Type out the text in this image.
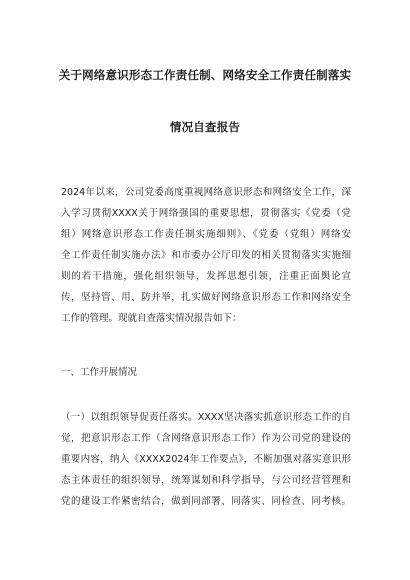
关于网络意识形态工作责任制、网络安全工作责任制落实
情况自查报告
2024年以来，公司党委高度重视网络意识形态和网络安全工作，深
入学习贯彻XXXX关于网络强国的重要思想，贯彻落实《党委（党
组）网络意识形态工作责任制实施细则》、《党委（党组）网络安
全工作责任制实施办法》和市委办公厅印发的相关贯彻落实实施细
则的若干措施，强化组织领导，发挥思想引领，注重正面舆论宣
传，坚持管、用、防并举，扎实做好网络意识形态工作和网络安全
工作的管理。现就自查落实情况报告如下：
一、工作开展情况
（一）以组织领导促责任落实。XXXX坚决落实抓意识形态工作的自
觉，把意识形态工作（含网络意识形态工作）作为公司党的建设的
重要内容，纳入《XXXX2024年工作要点》，不断加强对落实意识形
态主体责任的组织领导，统筹谋划和科学指导，与公司经营管理和
党的建设工作紧密结合，做到同部署、同落实、同检查、同考核。
